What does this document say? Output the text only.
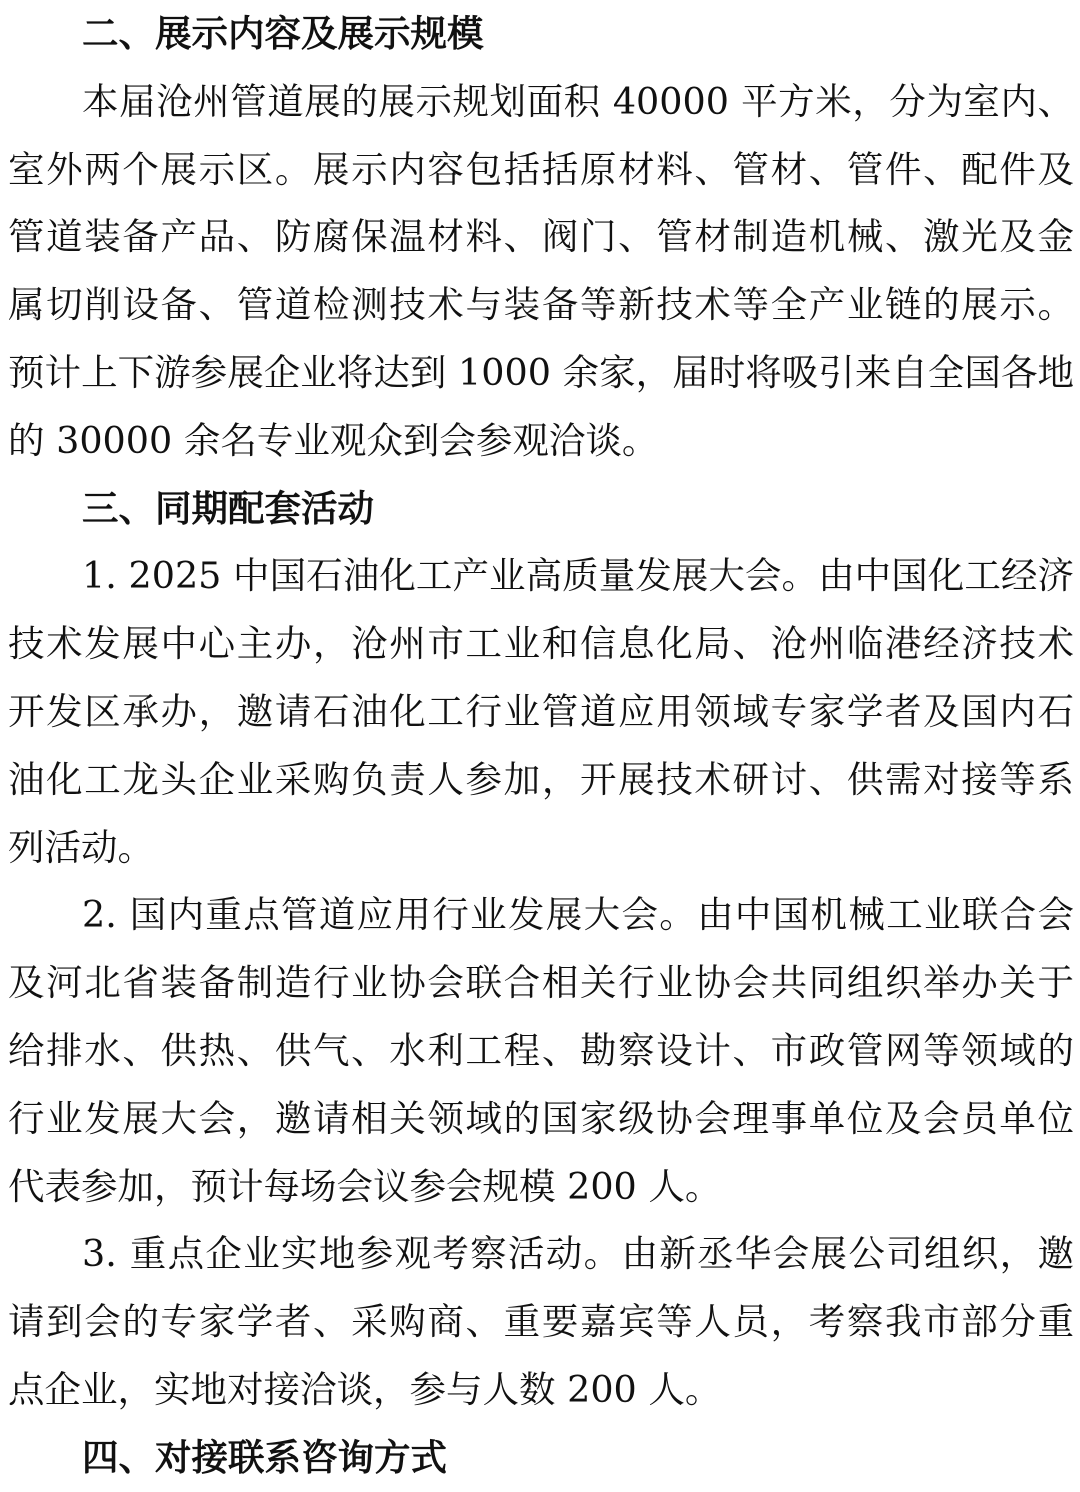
二、展示内容及展示规模
本届沧州管道展的展示规划面积 40000 平方米，分为室内、
室外两个展示区。展示内容包括括原材料、管材、管件、配件及
管道装备产品、防腐保温材料、阀门、管材制造机械、激光及金
属切削设备、管道检测技术与装备等新技术等全产业链的展示。
预计上下游参展企业将达到 1000 余家，届时将吸引来自全国各地
的 30000 余名专业观众到会参观洽谈。
三、同期配套活动
1. 2025 中国石油化工产业高质量发展大会。由中国化工经济
技术发展中心主办，沧州市工业和信息化局、沧州临港经济技术
开发区承办，邀请石油化工行业管道应用领域专家学者及国内石
油化工龙头企业采购负责人参加，开展技术研讨、供需对接等系
列活动。
2. 国内重点管道应用行业发展大会。由中国机械工业联合会
及河北省装备制造行业协会联合相关行业协会共同组织举办关于
给排水、供热、供气、水利工程、勘察设计、市政管网等领域的
行业发展大会，邀请相关领域的国家级协会理事单位及会员单位
代表参加，预计每场会议参会规模 200 人。
3. 重点企业实地参观考察活动。由新丞华会展公司组织，邀
请到会的专家学者、采购商、重要嘉宾等人员，考察我市部分重
点企业，实地对接洽谈，参与人数 200 人。
四、对接联系咨询方式
